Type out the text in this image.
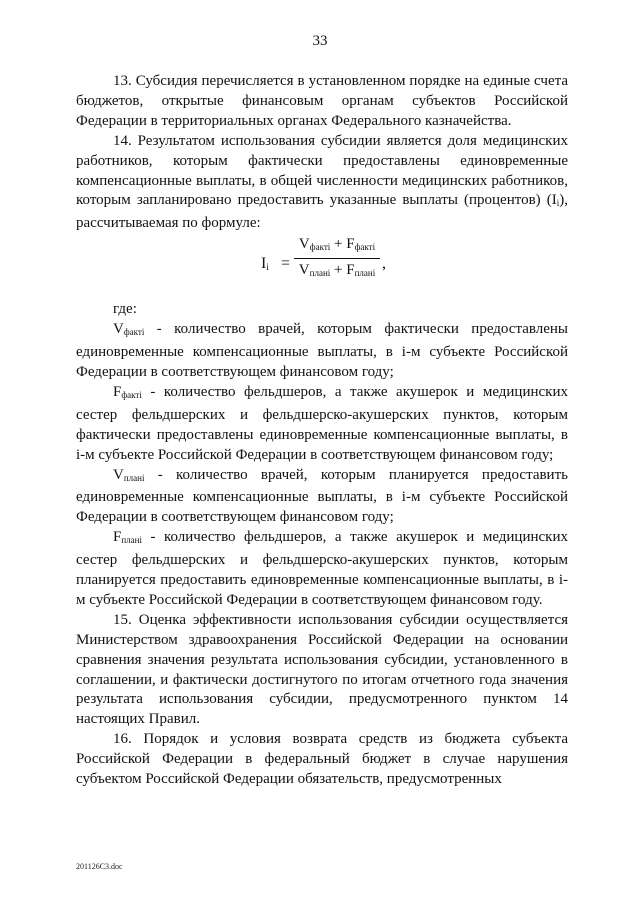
33

13. Субсидия перечисляется в установленном порядке на единые счета бюджетов, открытые финансовым органам субъектов Российской Федерации в территориальных органах Федерального казначейства.

14. Результатом использования субсидии является доля медицинских работников, которым фактически предоставлены единовременные компенсационные выплаты, в общей численности медицинских работников, которым запланировано предоставить указанные выплаты (процентов) $(I_i)$, рассчитываемая по формуле:

$I_i$ =
$V_{факті} + F_{факті}$
$V_{плані} + F_{плані}$
,

где:

$V_{факті}$ - количество врачей, которым фактически предоставлены единовременные компенсационные выплаты, в i-м субъекте Российской Федерации в соответствующем финансовом году;

$F_{факті}$ - количество фельдшеров, а также акушерок и медицинских сестер фельдшерских и фельдшерско-акушерских пунктов, которым фактически предоставлены единовременные компенсационные выплаты, в i-м субъекте Российской Федерации в соответствующем финансовом году;

$V_{плані}$ - количество врачей, которым планируется предоставить единовременные компенсационные выплаты, в i-м субъекте Российской Федерации в соответствующем финансовом году;

$F_{плані}$ - количество фельдшеров, а также акушерок и медицинских сестер фельдшерских и фельдшерско-акушерских пунктов, которым планируется предоставить единовременные компенсационные выплаты, в i-м субъекте Российской Федерации в соответствующем финансовом году.

15. Оценка эффективности использования субсидии осуществляется Министерством здравоохранения Российской Федерации на основании сравнения значения результата использования субсидии, установленного в соглашении, и фактически достигнутого по итогам отчетного года значения результата использования субсидии, предусмотренного пунктом 14 настоящих Правил.

16. Порядок и условия возврата средств из бюджета субъекта Российской Федерации в федеральный бюджет в случае нарушения субъектом Российской Федерации обязательств, предусмотренных

201126C3.doc
